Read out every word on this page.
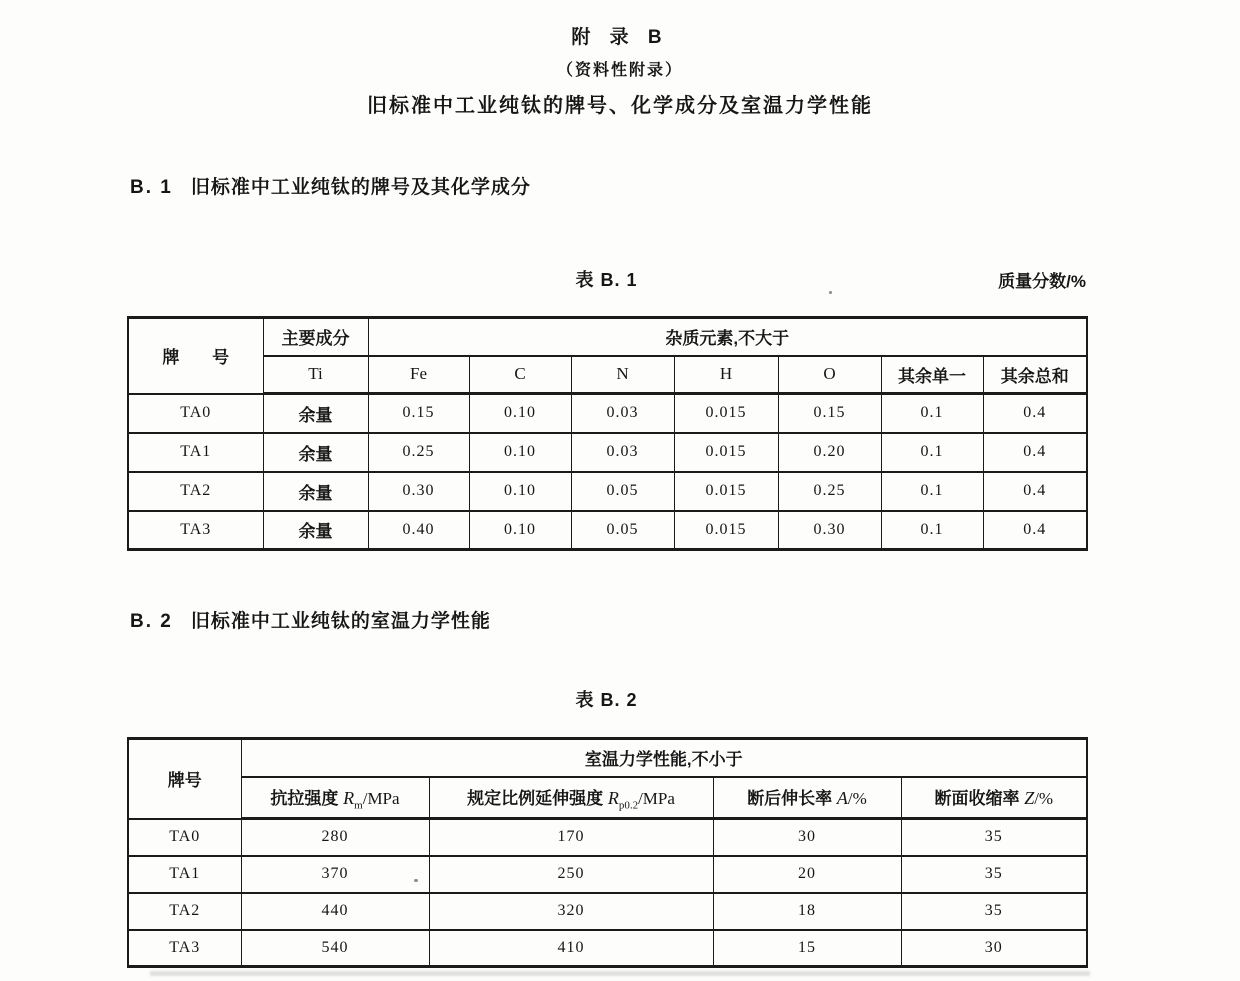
附 录 B
（资料性附录）
旧标准中工业纯钛的牌号、化学成分及室温力学性能
B. 1 旧标准中工业纯钛的牌号及其化学成分
表 B. 1	质量分数/%
牌 号	主要成分	杂质元素,不大于						
	Ti	Fe	C	N	H	O	其余单一	其余总和
TA0	余量	0.15	0.10	0.03	0.015	0.15	0.1	0.4
TA1	余量	0.25	0.10	0.03	0.015	0.20	0.1	0.4
TA2	余量	0.30	0.10	0.05	0.015	0.25	0.1	0.4
TA3	余量	0.40	0.10	0.05	0.015	0.30	0.1	0.4
B. 2 旧标准中工业纯钛的室温力学性能
表 B. 2
牌号	室温力学性能,不小于			
	抗拉强度 $R_m$/MPa	规定比例延伸强度 $R_{p0.2}$/MPa	断后伸长率 A/%	断面收缩率 Z/%
TA0	280	170	30	35
TA1	370	250	20	35
TA2	440	320	18	35
TA3	540	410	15	30
